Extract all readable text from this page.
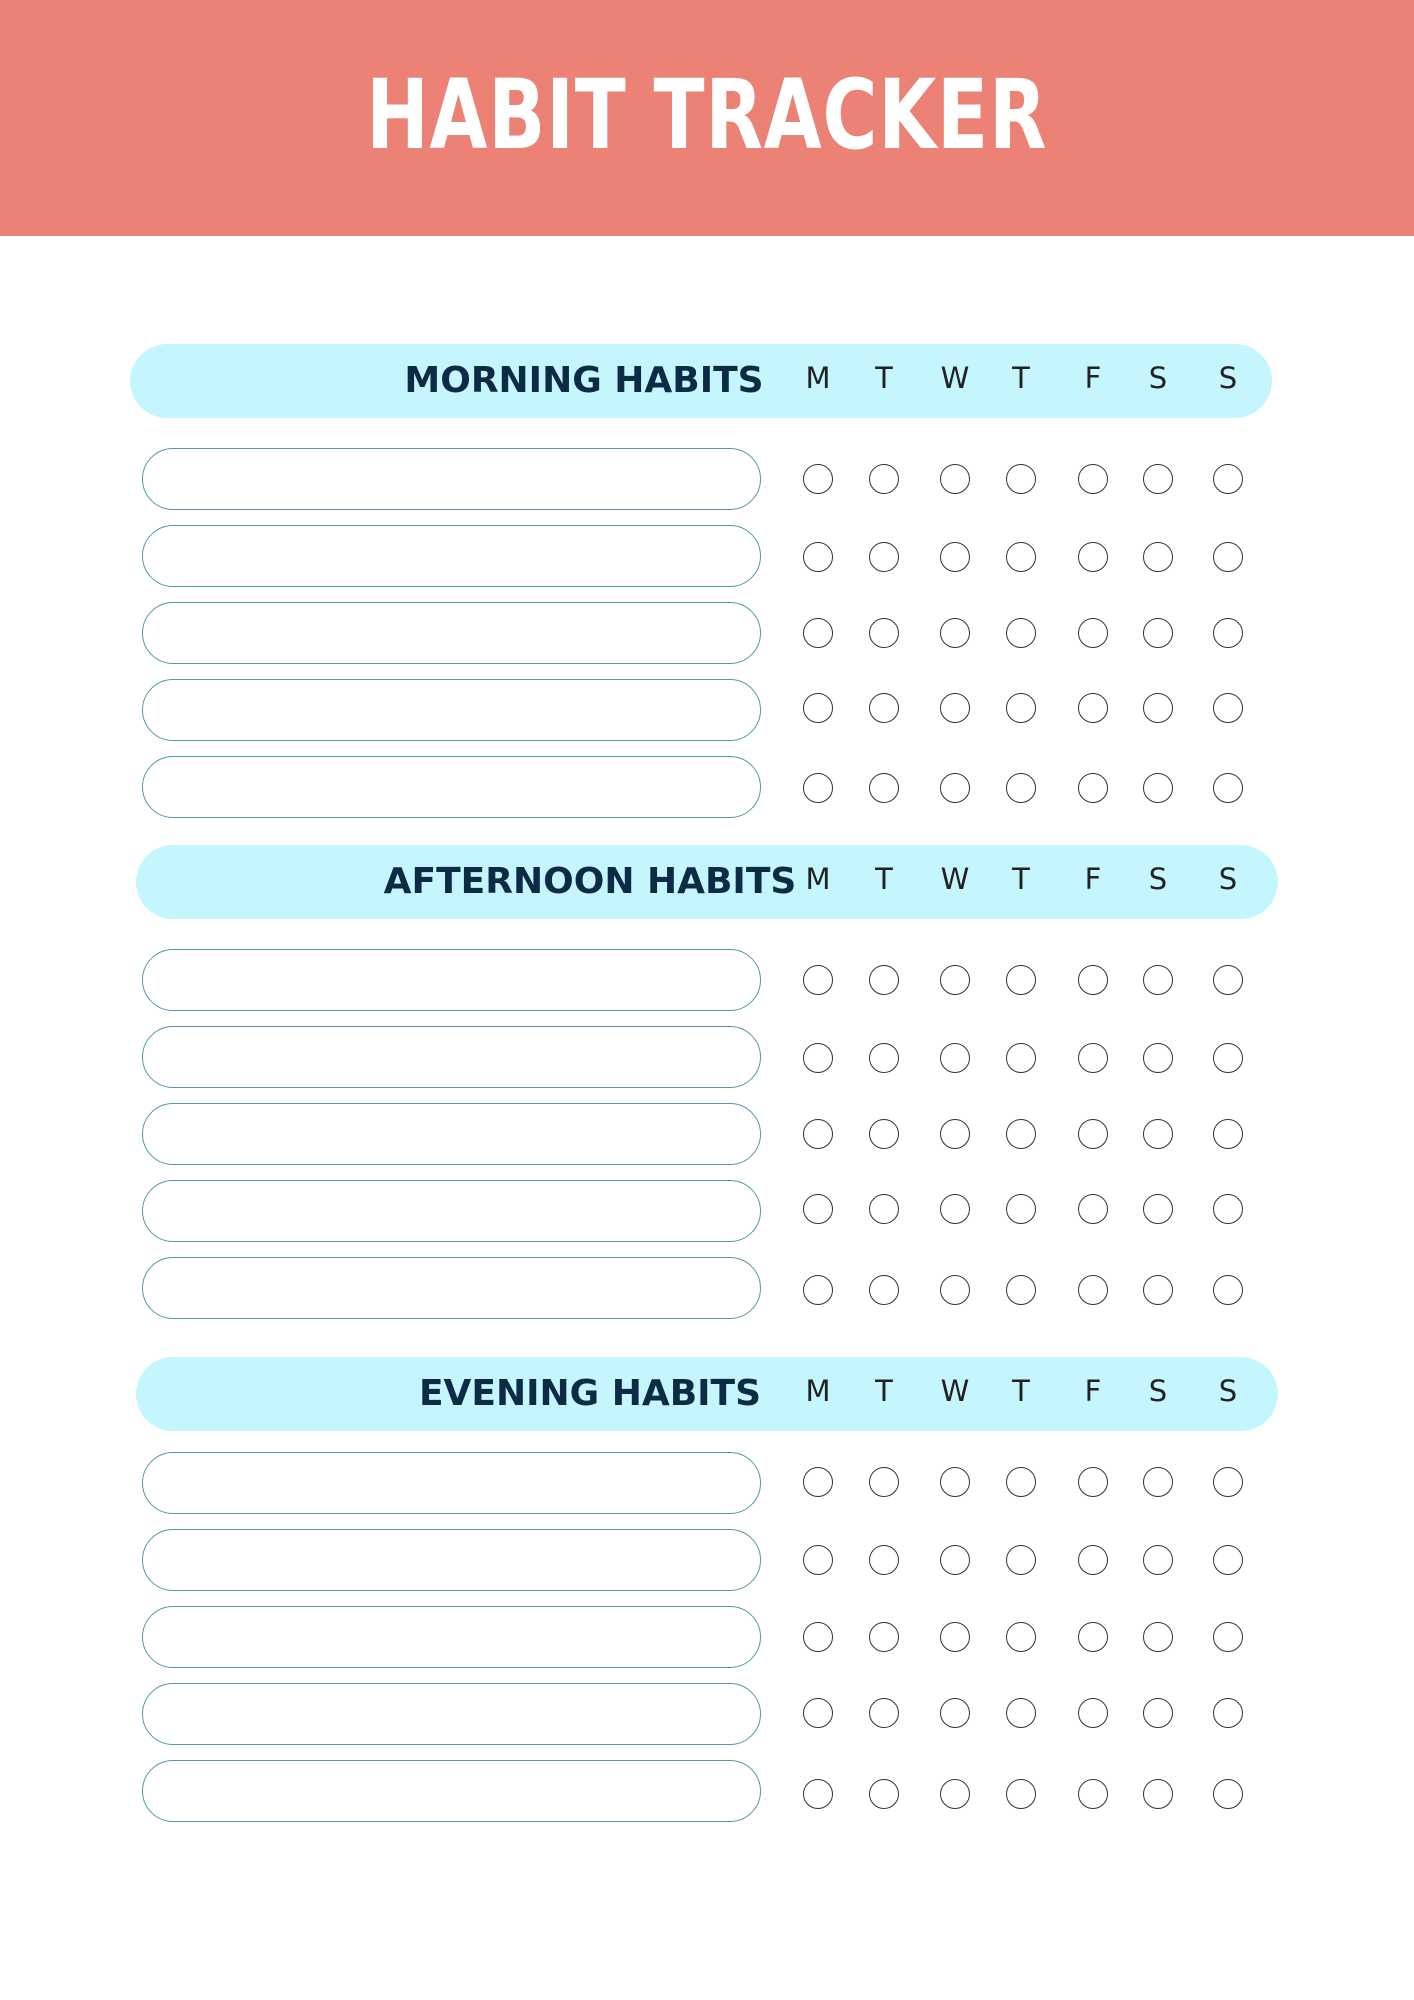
HABIT TRACKER
MORNING HABITS	M	T	W	T	F	S	S
AFTERNOON HABITS M	T	W	T	F	S	S
EVENING HABITS	M	T	W	T	F	S	S
